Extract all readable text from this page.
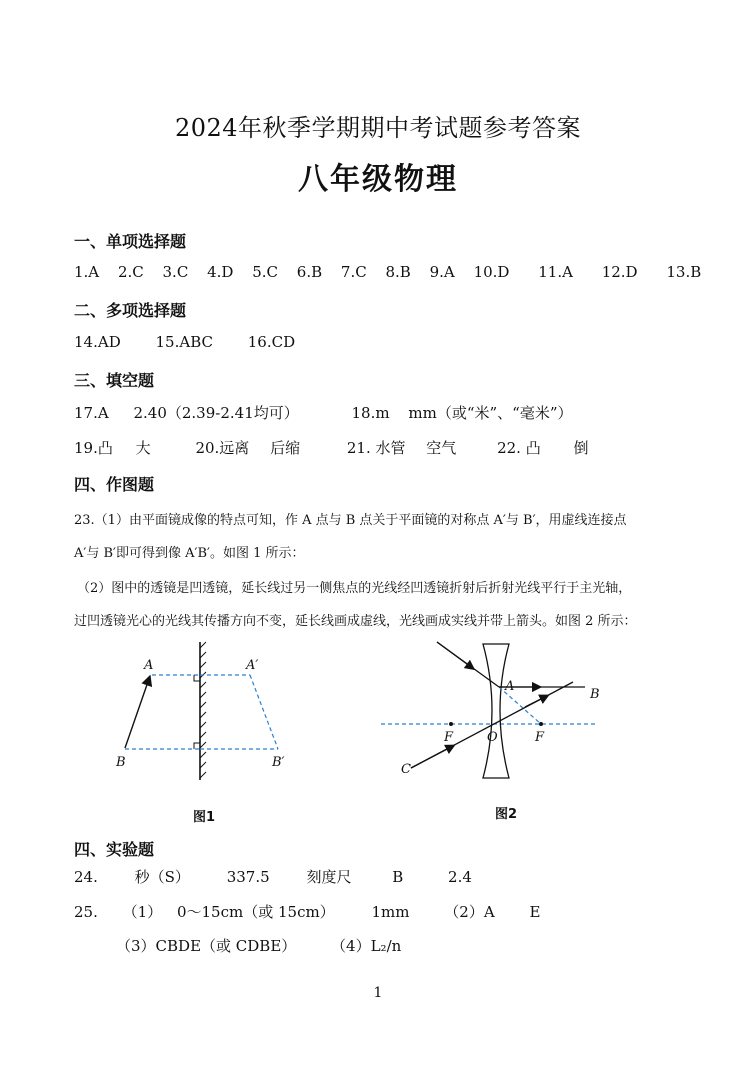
2024年秋季学期期中考试题参考答案
八年级物理
一、单项选择题
1.A 2.C 3.C 4.D 5.C 6.B 7.C 8.B 9.A 10.D 11.A 12.D 13.B
二、多项选择题
14.AD 15.ABC 16.CD
三、填空题
17.A 2.40（2.39-2.41均可）	18.m mm（或“米”、“毫米”）
19.凸 大	20.远离 后缩	21. 水管 空气	22. 凸 倒
四、作图题
23.（1）由平面镜成像的特点可知，作 A 点与 B 点关于平面镜的对称点 A′与 B′，用虚线连接点
A′与 B′即可得到像 A′B′。如图 1 所示：
（2）图中的透镜是凹透镜，延长线过另一侧焦点的光线经凹透镜折射后折射光线平行于主光轴，
过凹透镜光心的光线其传播方向不变，延长线画成虚线，光线画成实线并带上箭头。如图 2 所示：
A	A′
B	B′
图1
A
B
C
F	O	F
图2
四、实验题
24. 秒（S） 337.5 刻度尺	B	2.4
25. （1） 0～15cm（或 15cm） 1mm （2）A E
（3）CBDE（或 CDBE） （4）L₂/n
1
